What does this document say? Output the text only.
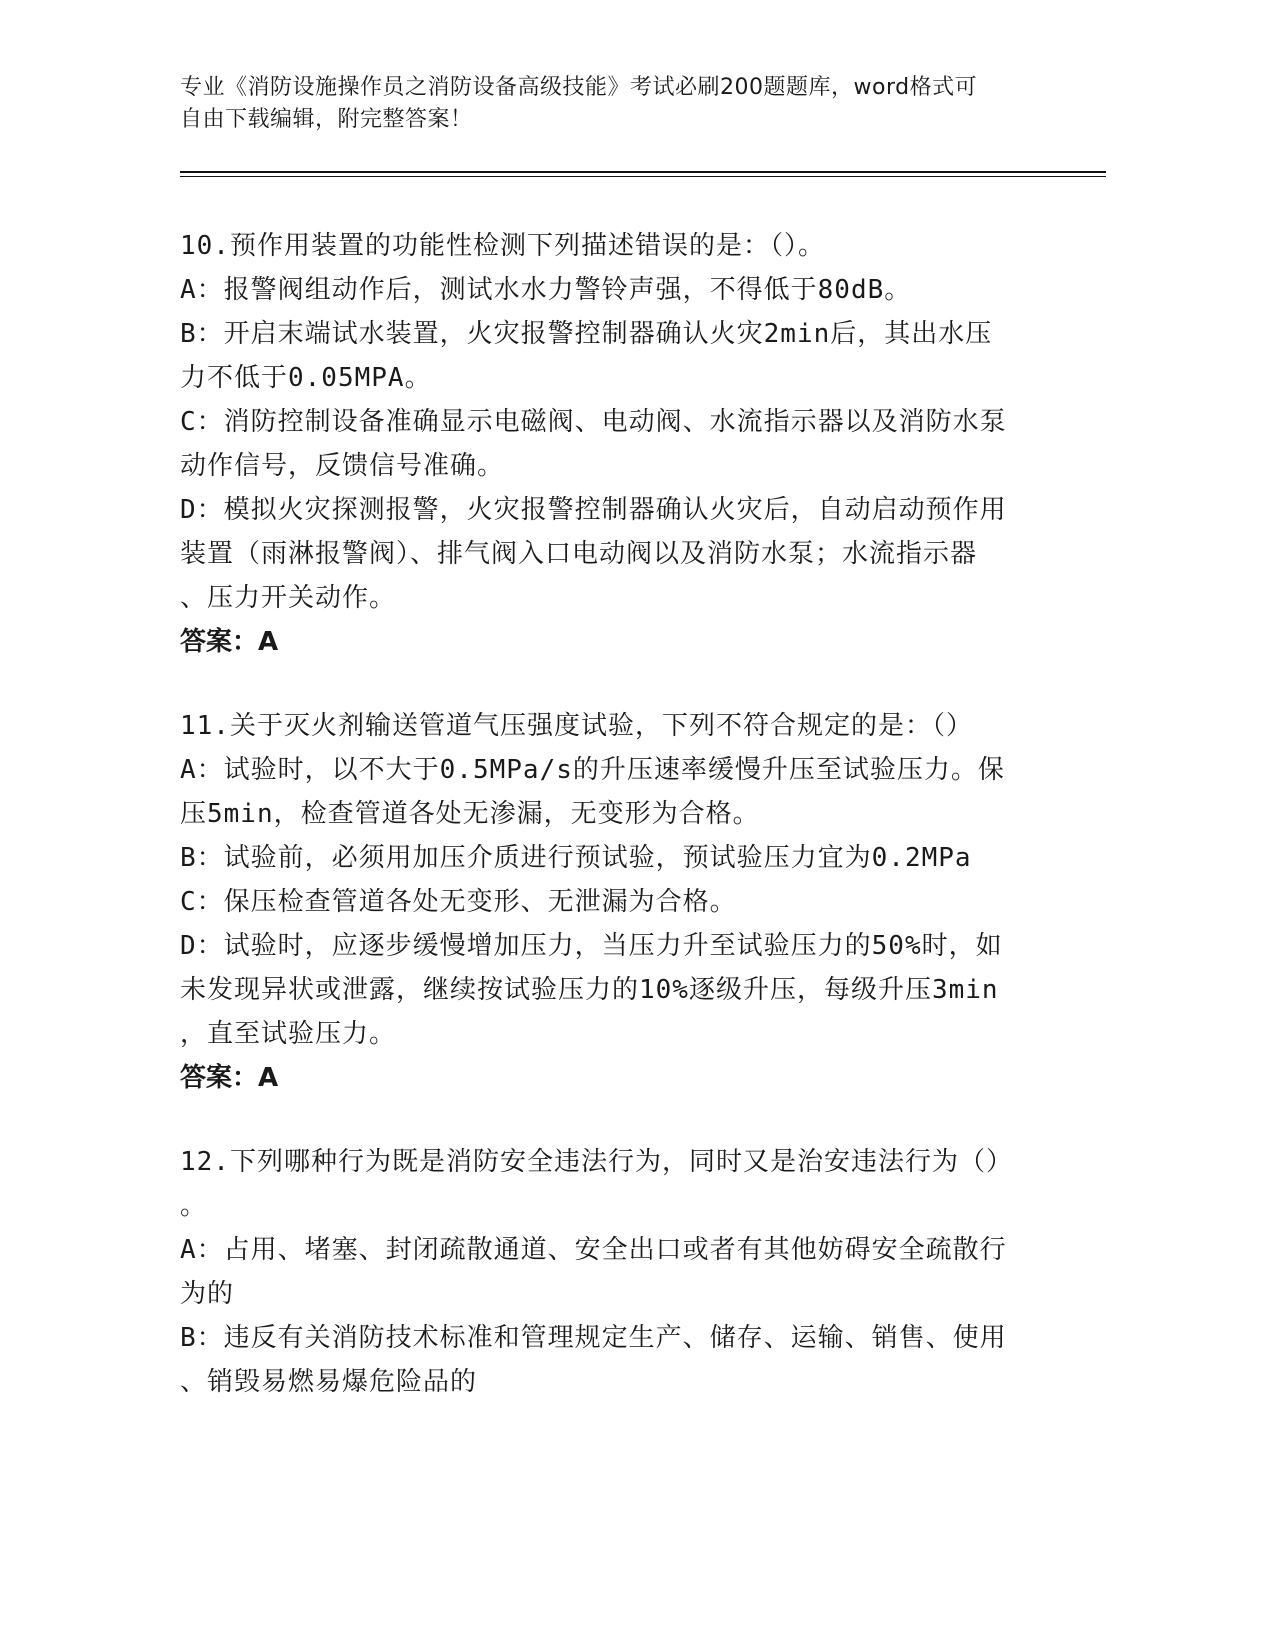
专业《消防设施操作员之消防设备高级技能》考试必刷200题题库，word格式可
自由下载编辑，附完整答案！
10.预作用装置的功能性检测下列描述错误的是：（）。
A：报警阀组动作后，测试水水力警铃声强，不得低于80dB。
B：开启末端试水装置，火灾报警控制器确认火灾2min后，其出水压
力不低于0.05MPA。
C：消防控制设备准确显示电磁阀、电动阀、水流指示器以及消防水泵
动作信号，反馈信号准确。
D：模拟火灾探测报警，火灾报警控制器确认火灾后，自动启动预作用
装置（雨淋报警阀）、排气阀入口电动阀以及消防水泵；水流指示器
、压力开关动作。
答案：A
11.关于灭火剂输送管道气压强度试验，下列不符合规定的是：（）
A：试验时，以不大于0.5MPa/s的升压速率缓慢升压至试验压力。保
压5min，检查管道各处无渗漏，无变形为合格。
B：试验前，必须用加压介质进行预试验，预试验压力宜为0.2MPa
C：保压检查管道各处无变形、无泄漏为合格。
D：试验时，应逐步缓慢增加压力，当压力升至试验压力的50%时，如
未发现异状或泄露，继续按试验压力的10%逐级升压，每级升压3min
，直至试验压力。
答案：A
12.下列哪种行为既是消防安全违法行为，同时又是治安违法行为（）
。
A：占用、堵塞、封闭疏散通道、安全出口或者有其他妨碍安全疏散行
为的
B：违反有关消防技术标准和管理规定生产、储存、运输、销售、使用
、销毁易燃易爆危险品的
